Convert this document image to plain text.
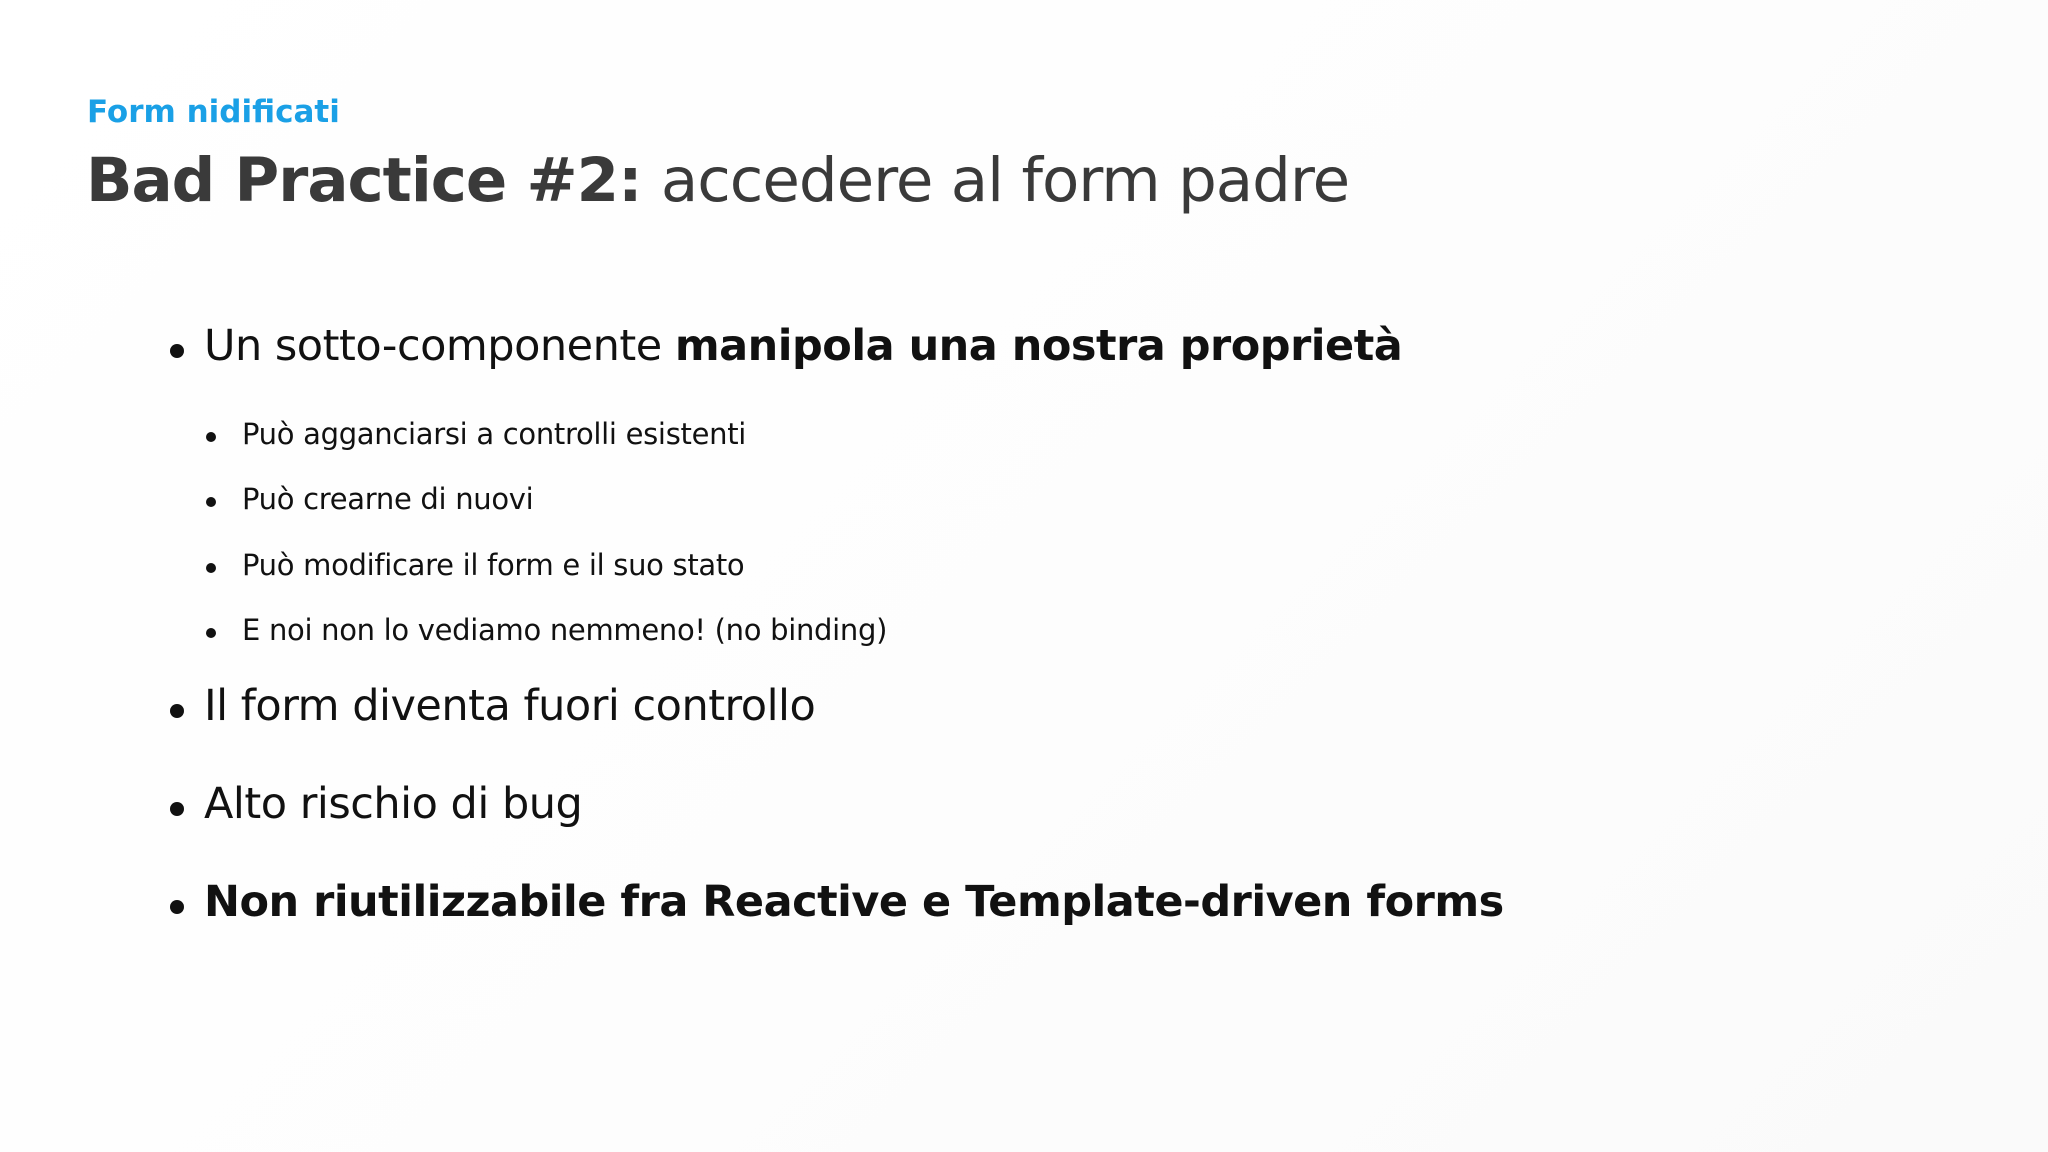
Form nidificati
Bad Practice #2: accedere al form padre
Un sotto-componente manipola una nostra proprietà
Può agganciarsi a controlli esistenti
Può crearne di nuovi
Può modificare il form e il suo stato
E noi non lo vediamo nemmeno! (no binding)
Il form diventa fuori controllo
Alto rischio di bug
Non riutilizzabile fra Reactive e Template-driven forms
